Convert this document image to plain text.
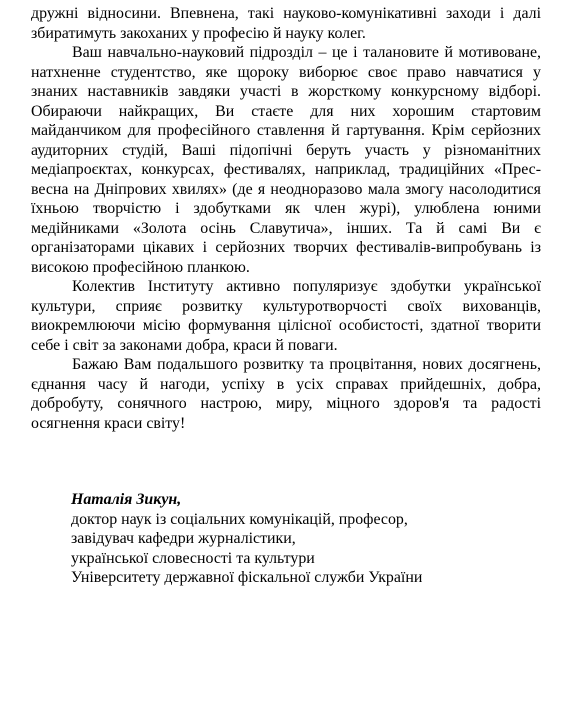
дружні відносини. Впевнена, такі науково-комунікативні заходи і далі збиратимуть закоханих у професію й науку колег.

Ваш навчально-науковий підрозділ – це і талановите й мотивоване, натхненне студентство, яке щороку виборює своє право навчатися у знаних наставників завдяки участі в жорсткому конкурсному відборі. Обираючи найкращих, Ви стаєте для них хорошим стартовим майданчиком для професійного ставлення й гартування. Крім серйозних аудиторних студій, Ваші підопічні беруть участь у різноманітних медіапроєктах, конкурсах, фестивалях, наприклад, традиційних «Прес-весна на Дніпрових хвилях» (де я неодноразово мала змогу насолодитися їхньою творчістю і здобутками як член журі), улюблена юними медійниками «Золота осінь Славутича», інших. Та й самі Ви є організаторами цікавих і серйозних творчих фестивалів-випробувань із високою професійною планкою.

Колектив Інституту активно популяризує здобутки української культури, сприяє розвитку культуротворчості своїх вихованців, виокремлюючи місію формування цілісної особистості, здатної творити себе і світ за законами добра, краси й поваги.

Бажаю Вам подальшого розвитку та процвітання, нових досягнень, єднання часу й нагоди, успіху в усіх справах прийдешніх, добра, добробуту, сонячного настрою, миру, міцного здоров'я та радості осягнення краси світу!

Наталія Зикун,

доктор наук із соціальних комунікацій, професор,

завідувач кафедри журналістики,

української словесності та культури

Університету державної фіскальної служби України
